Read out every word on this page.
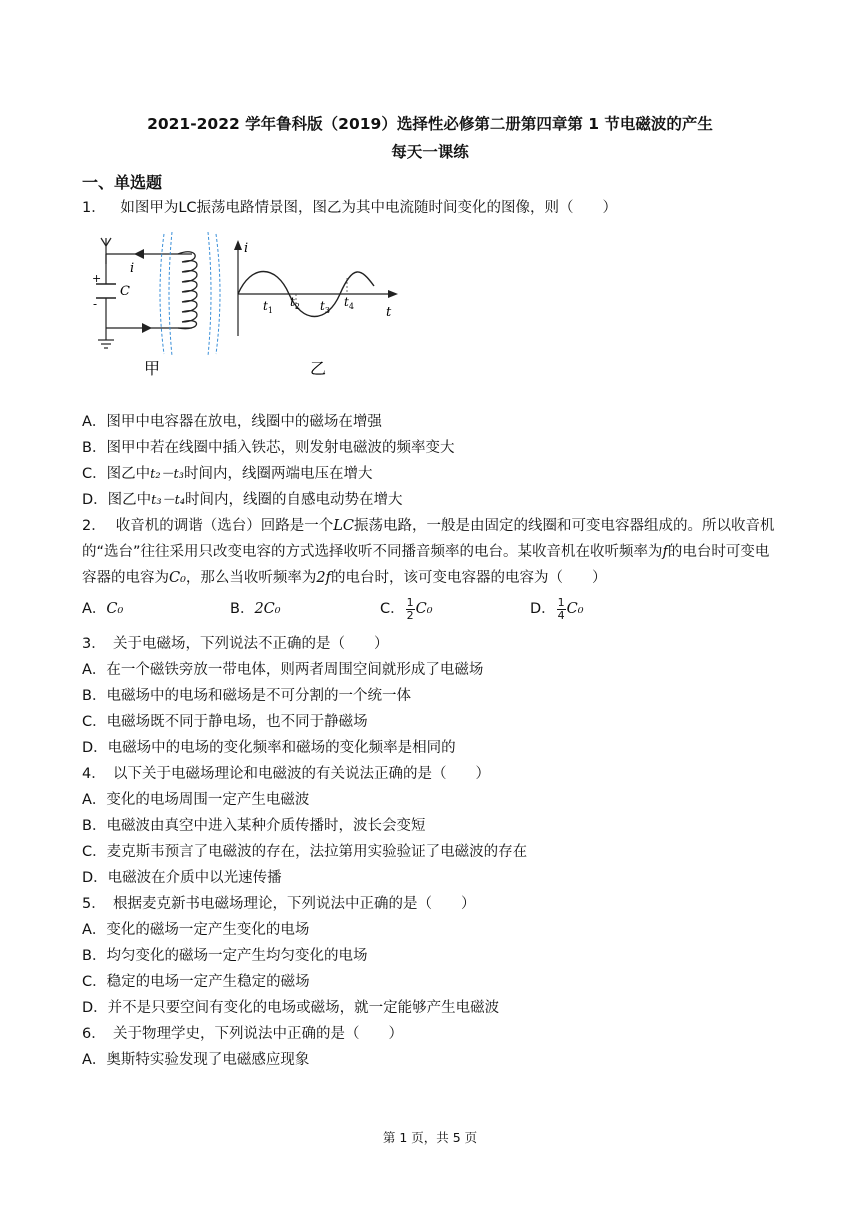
2021-2022 学年鲁科版（2019）选择性必修第二册第四章第 1 节电磁波的产生
每天一课练
一、单选题
1． 如图甲为LC振荡电路情景图，图乙为其中电流随时间变化的图像，则（　　）
+
-
C
i
i
t
$t_1$
$t_2$ $t_3$
$t_4$
甲	乙
A．图甲中电容器在放电，线圈中的磁场在增强
B．图甲中若在线圈中插入铁芯，则发射电磁波的频率变大
C．图乙中t₂－t₃时间内，线圈两端电压在增大
D．图乙中t₃－t₄时间内，线圈的自感电动势在增大
2． 收音机的调谐（选台）回路是一个LC振荡电路，一般是由固定的线圈和可变电容器组成的。所以收音机
的“选台”往往采用只改变电容的方式选择收听不同播音频率的电台。某收音机在收听频率为f的电台时可变电
容器的电容为C₀，那么当收听频率为2f的电台时，该可变电容器的电容为（　　）
A．C₀	B．2C₀	C． $\frac{1}{2} C_0$	D． $\frac{1}{4} C_0$
3．　关于电磁场，下列说法不正确的是（　　）
A．在一个磁铁旁放一带电体，则两者周围空间就形成了电磁场
B．电磁场中的电场和磁场是不可分割的一个统一体
C．电磁场既不同于静电场，也不同于静磁场
D．电磁场中的电场的变化频率和磁场的变化频率是相同的
4．　以下关于电磁场理论和电磁波的有关说法正确的是（　　）
A．变化的电场周围一定产生电磁波
B．电磁波由真空中进入某种介质传播时，波长会变短
C．麦克斯韦预言了电磁波的存在，法拉第用实验验证了电磁波的存在
D．电磁波在介质中以光速传播
5．　根据麦克新书电磁场理论，下列说法中正确的是（　　）
A．变化的磁场一定产生变化的电场
B．均匀变化的磁场一定产生均匀变化的电场
C．稳定的电场一定产生稳定的磁场
D．并不是只要空间有变化的电场或磁场，就一定能够产生电磁波
6．　关于物理学史，下列说法中正确的是（　　）
A．奥斯特实验发现了电磁感应现象
第 1 页，共 5 页
